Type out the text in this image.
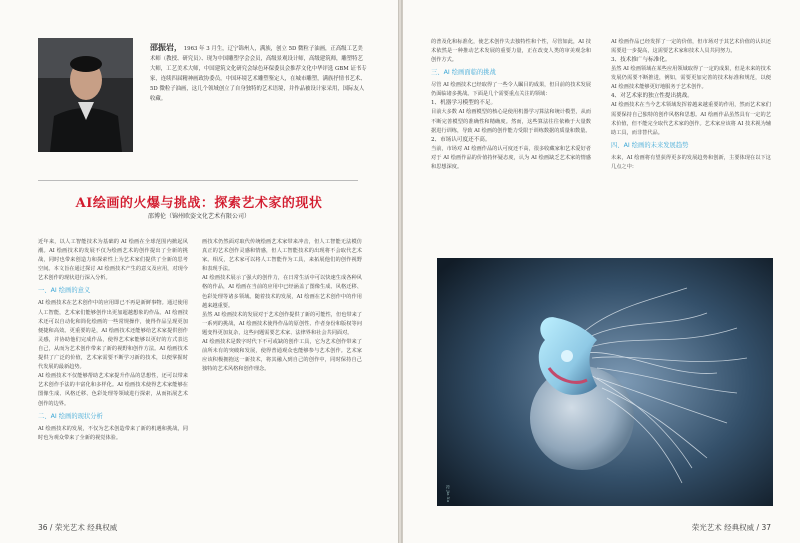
邵振岩， 1963 年 3 月生，辽宁锦州人，满族，创立 5D 微粒子油画，正高级工艺美术师（教授、研究员）、现为中国雕塑学会会员，高级景观设计师，高级建筑师，雕塑特艺大师，工艺美术大师，中国建筑文化研究会绿色环保委员会推荐文化中华评选 GBM 证书专家，连续四届精神画政协委员，中国环境艺术雕塑鉴定人，在城市雕塑，满族抒情书艺术、5D 微粒子油画，这几个领域创立了自身独特的艺术语境，并作品被设计家采用，国际友人收藏。
AI绘画的火爆与挑战：探索艺术家的现状
邵博伦（锦州欧姿文化艺术有限公司）

近年来，以人工智能技术为基础的 AI 绘画在全球范围内掀起风潮。AI 绘画技术的发展不仅为绘画艺术的创作提出了全新的挑战，同时也带来创造力和探索性上为艺术家们提供了全新的思考空间。本文旨在通过探讨 AI 绘画技术产生的意义及应用，对现今艺术创作的现状进行深入分析。

一、AI 绘画的意义

AI 绘画技术在艺术创作中的应用即已不再是新鲜事物。通过使用人工智能，艺术家们能够创作出更加超越想象的作品。AI 绘画技术还可以自动化和简化绘画的一些常规操作，使得作品呈现更加便捷和高效。更重要的是，AI 绘画技术还能够给艺术家提供创作灵感，并协助他们完成作品，使得艺术家能够以更好的方式表达自己，从而为艺术创作带来了新的视野和创作方法。AI 绘画技术提供了广泛的价值，艺术家需要不断学习新的技术，以便掌握时代发展的最新趋势。

AI 绘画技术不仅能够帮助艺术家提升作品的思想性，还可以带来艺术创作手法的丰富化和多样化。AI 绘画技术使得艺术家能够在图像生成、风格迁移、色彩处理等领域进行探索，从而拓展艺术创作的边界。

二、AI 绘画的现状分析

AI 绘画技术的发展，不仅为艺术创造带来了新的机遇和挑战，同时也为观众带来了全新的视觉体验。

画技术仍然面对取代传统绘画艺术家带来冲击，但人工智能无法模仿真正的艺术创作灵感和情感，但人工智能技术的出现将不会取代艺术家。相反，艺术家可以将人工智能作为工具，来拓展他们的创作视野和表现手法。

AI 绘画技术展示了强大的创作力，在日常生活中可以快速生成各种风格的作品，AI 绘画在当前的应用中已经涵盖了图像生成、风格迁移、色彩处理等诸多领域。随着技术的发展，AI 绘画在艺术创作中的作用越来越重要。

虽然 AI 绘画技术的发展对于艺术创作提供了新的可能性，但也带来了一系列的挑战，AI 绘画技术使得作品的原创性、作者身份和版权等问题变得更加复杂，这些问题需要艺术家、法律界和社会共同面对。

AI 绘画技术是数字时代下不可或缺的创作工具，它为艺术创作带来了前所未有的突破和发展，使得普通观众也能够参与艺术创作。艺术家应该积极拥抱这一新技术，将其融入到自己的创作中，同时保持自己独特的艺术风格和创作理念。

36 / 荣光艺术 经典权威

的普及化和标准化，使艺术创作失去独特性和个性，尽管如此，AI 技术依然是一种推动艺术发展的重要力量，正在改变人类的审美观念和创作方式。

三、AI 绘画面临的挑战

尽管 AI 绘画技术已经取得了一些令人瞩目的成果，但目前的技术发展仍面临诸多挑战。下面是几个需要重点关注的领域：

1、机器学习模型的不足。

目前大多数 AI 绘画模型的核心是使用机器学习算法和统计模型，从而不断完善模型的准确性和精确度。然而，这些算法往往依赖于大量数据进行训练，导致 AI 绘画的创作能力受限于训练数据的质量和数量。

2、市场认可度还不高。

当前，市场对 AI 绘画作品的认可度还不高，很多收藏家和艺术爱好者对于 AI 绘画作品的价值持怀疑态度，认为 AI 绘画缺乏艺术家的情感和思想深度。

AI 绘画作品已经发挥了一定的价值，但市场对于其艺术价值的认识还需要进一步提高，这需要艺术家和技术人员共同努力。

3、技术推广与标准化。

虽然 AI 绘画领域在某些应用领域取得了一定的成果，但是未来的技术发展仍需要不断推进，例如，需要更加完善的技术标准和规范，以便 AI 绘画技术能够更好地服务于艺术创作。

4、对艺术家的独立性提出挑战。

AI 绘画技术在当今艺术领域发挥着越来越重要的作用，然而艺术家们需要保持自己独特的创作风格和思想。AI 绘画作品虽然具有一定的艺术价值，但不能完全取代艺术家的创作。艺术家应该将 AI 技术视为辅助工具，而非替代品。

四、AI 绘画的未来发展趋势

未来，AI 绘画将有望获得更多的发展趋势和创新，主要体现在以下这几点之中：

符 Jia Xu
荣光艺术 经典权威 / 37
